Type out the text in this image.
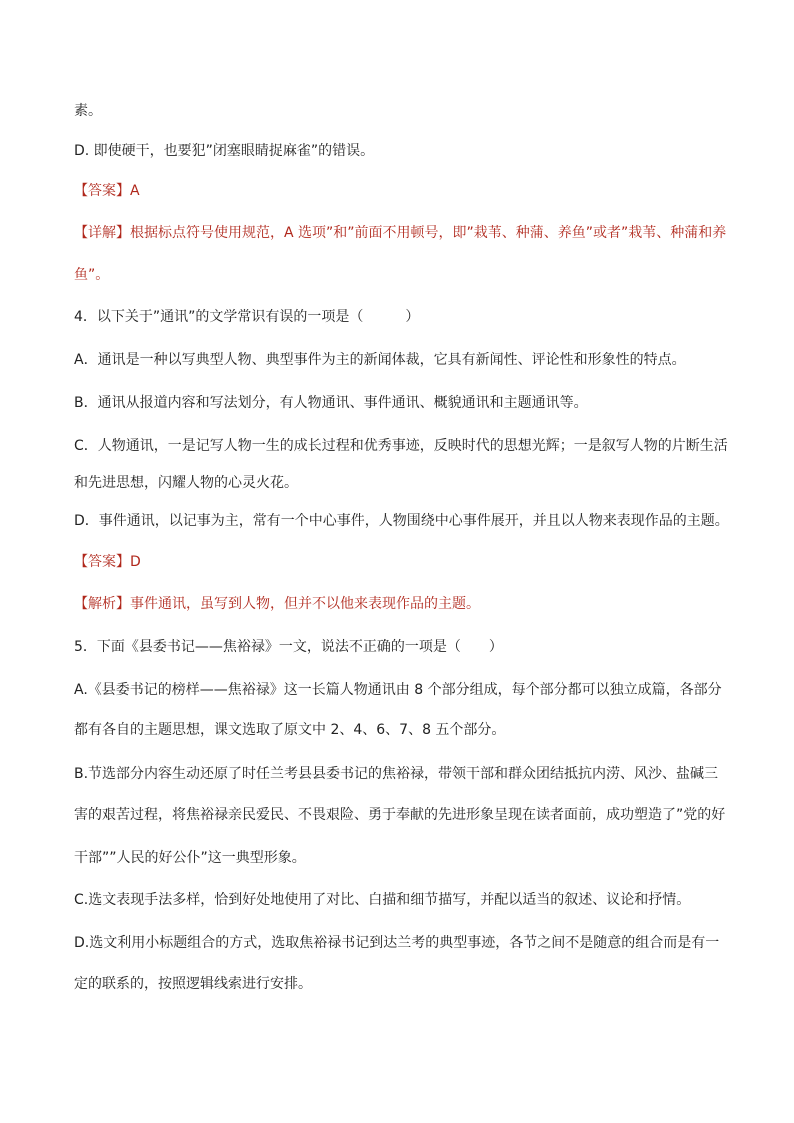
素。
D. 即使硬干，也要犯”闭塞眼睛捉麻雀”的错误。
【答案】A
【详解】根据标点符号使用规范，A 选项”和”前面不用顿号，即”栽苇、种蒲、养鱼”或者”栽苇、种蒲和养
鱼”。
4．以下关于”通讯”的文学常识有误的一项是（　　　）
A．通讯是一种以写典型人物、典型事件为主的新闻体裁，它具有新闻性、评论性和形象性的特点。
B．通讯从报道内容和写法划分，有人物通讯、事件通讯、概貌通讯和主题通讯等。
C．人物通讯，一是记写人物一生的成长过程和优秀事迹，反映时代的思想光辉；一是叙写人物的片断生活
和先进思想，闪耀人物的心灵火花。
D．事件通讯，以记事为主，常有一个中心事件，人物围绕中心事件展开，并且以人物来表现作品的主题。
【答案】D
【解析】事件通讯，虽写到人物，但并不以他来表现作品的主题。
5．下面《县委书记——焦裕禄》一文，说法不正确的一项是（　　）
A.《县委书记的榜样——焦裕禄》这一长篇人物通讯由 8 个部分组成，每个部分都可以独立成篇，各部分
都有各自的主题思想，课文选取了原文中 2、4、6、7、8 五个部分。
B.节选部分内容生动还原了时任兰考县县委书记的焦裕禄，带领干部和群众团结抵抗内涝、风沙、盐碱三
害的艰苦过程，将焦裕禄亲民爱民、不畏艰险、勇于奉献的先进形象呈现在读者面前，成功塑造了”党的好
干部””人民的好公仆”这一典型形象。
C.选文表现手法多样，恰到好处地使用了对比、白描和细节描写，并配以适当的叙述、议论和抒情。
D.选文利用小标题组合的方式，选取焦裕禄书记到达兰考的典型事迹，各节之间不是随意的组合而是有一
定的联系的，按照逻辑线索进行安排。
